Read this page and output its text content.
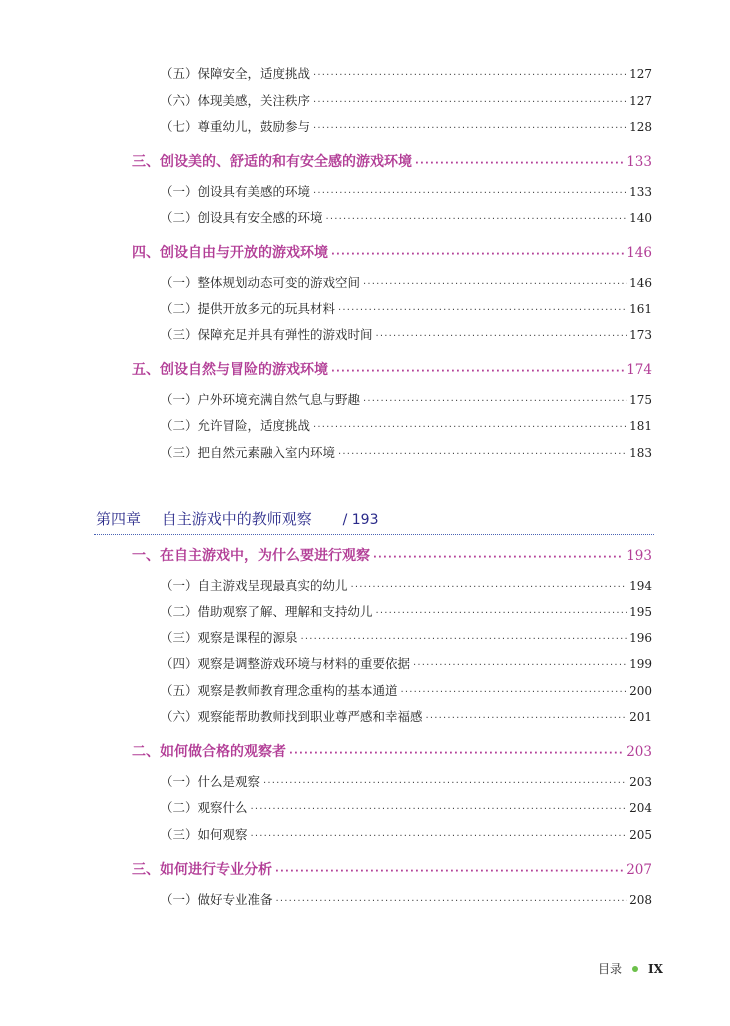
（五）保障安全，适度挑战 ·····	127
（六）体现美感，关注秩序 ·····	127
（七）尊重幼儿，鼓励参与 ·····	128
三、创设美的、舒适的和有安全感的游戏环境 ·····	133
（一）创设具有美感的环境 ·····	133
（二）创设具有安全感的环境 ·····	140
四、创设自由与开放的游戏环境 ·····	146
（一）整体规划动态可变的游戏空间 ·····	146
（二）提供开放多元的玩具材料 ·····	161
（三）保障充足并具有弹性的游戏时间 ·····	173
五、创设自然与冒险的游戏环境 ·····	174
（一）户外环境充满自然气息与野趣 ·····	175
（二）允许冒险，适度挑战 ·····	181
（三）把自然元素融入室内环境 ·····	183
第四章 自主游戏中的教师观察 / 193
一、在自主游戏中，为什么要进行观察 ·····	193
（一）自主游戏呈现最真实的幼儿 ·····	194
（二）借助观察了解、理解和支持幼儿 ·····	195
（三）观察是课程的源泉 ·····	196
（四）观察是调整游戏环境与材料的重要依据 ·····	199
（五）观察是教师教育理念重构的基本通道 ·····	200
（六）观察能帮助教师找到职业尊严感和幸福感 ·····	201
二、如何做合格的观察者 ·····	203
（一）什么是观察 ·····	203
（二）观察什么 ·····	204
（三）如何观察 ·····	205
三、如何进行专业分析 ·····	207
（一）做好专业准备 ·····	208
目录 IX
